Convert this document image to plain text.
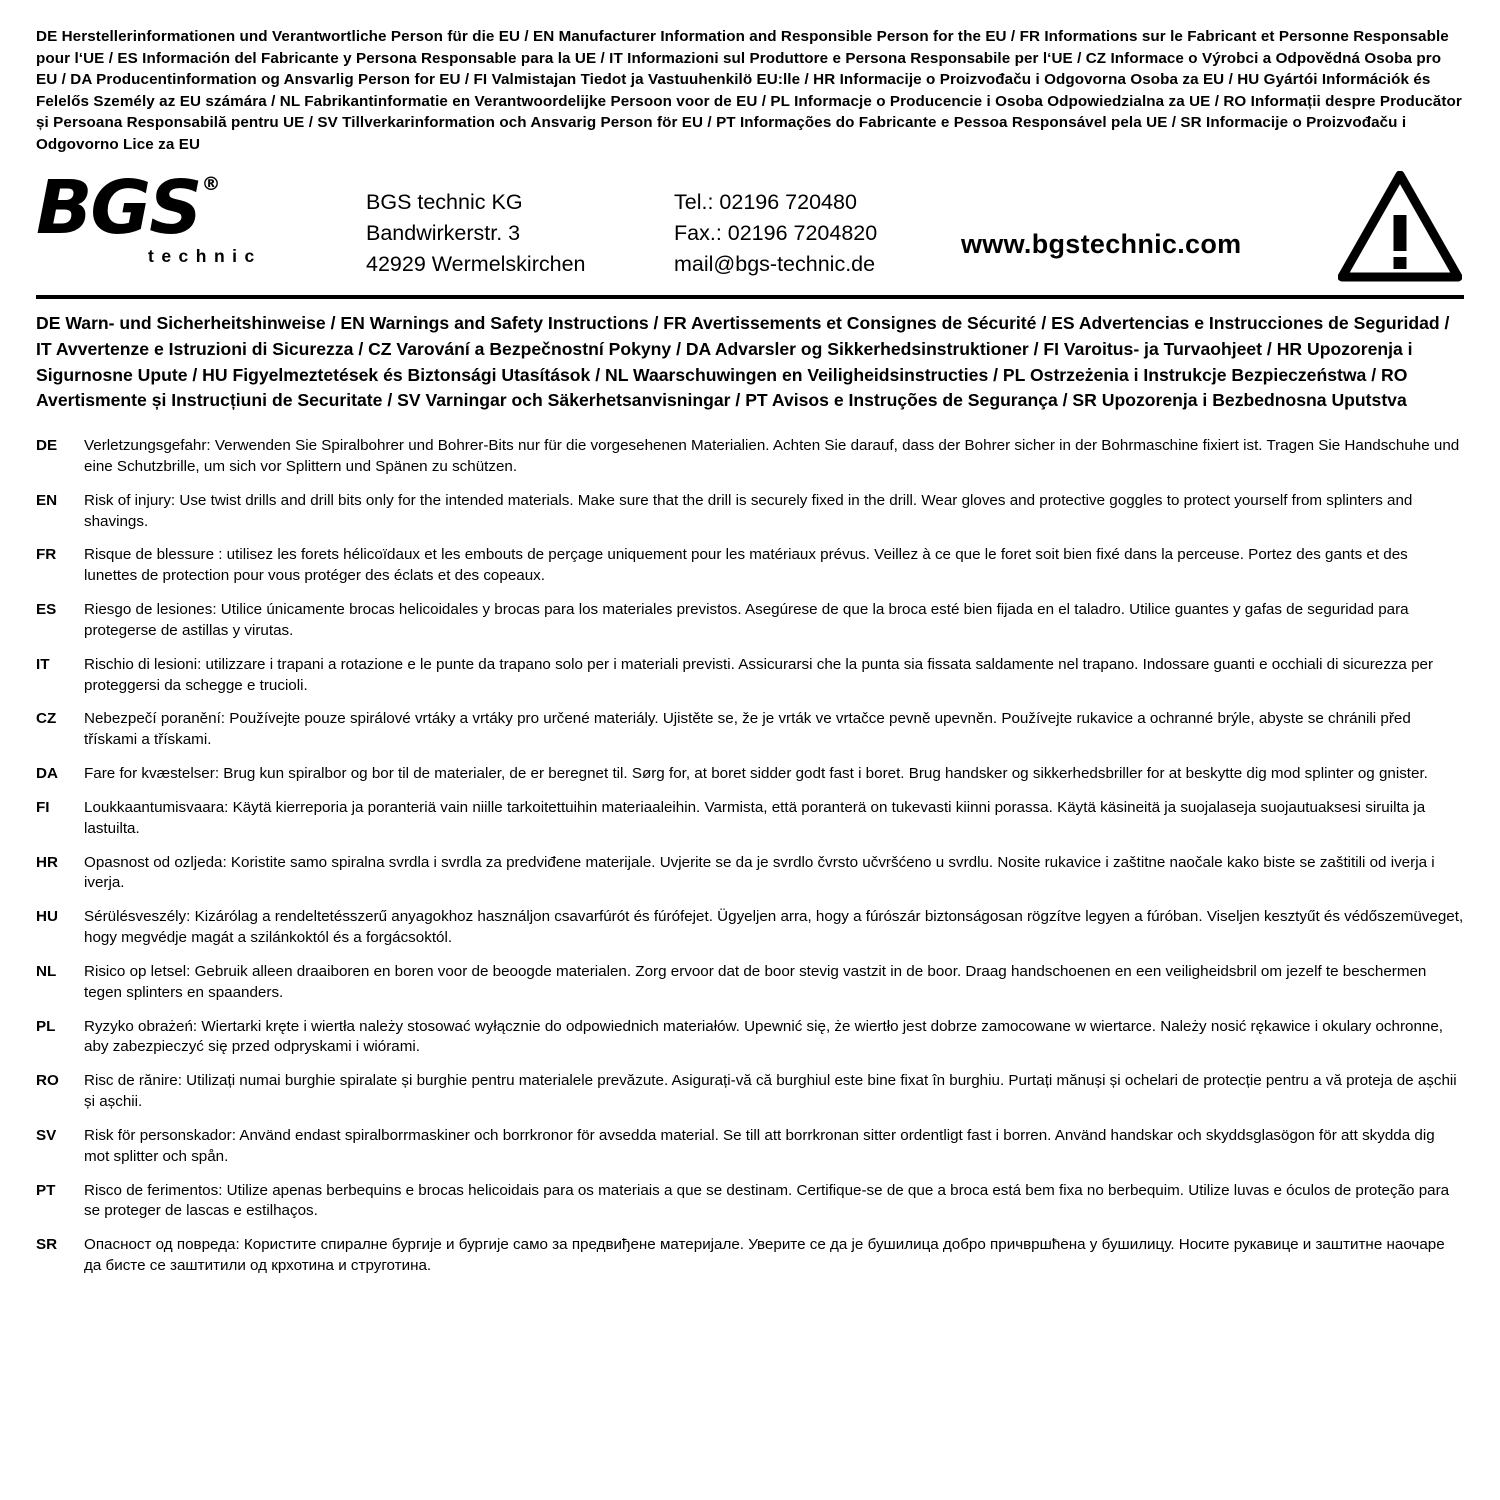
DE Herstellerinformationen und Verantwortliche Person für die EU / EN Manufacturer Information and Responsible Person for the EU / FR Informations sur le Fabricant et Personne Responsable pour l‘UE / ES Información del Fabricante y Persona Responsable para la UE / IT Informazioni sul Produttore e Persona Responsabile per l‘UE / CZ Informace o Výrobci a Odpovědná Osoba pro EU / DA Producentinformation og Ansvarlig Person for EU / FI Valmistajan Tiedot ja Vastuuhenkilö EU:lle / HR Informacije o Proizvođaču i Odgovorna Osoba za EU / HU Gyártói Információk és Felelős Személy az EU számára / NL Fabrikantinformatie en Verantwoordelijke Persoon voor de EU / PL Informacje o Producencie i Osoba Odpowiedzialna za UE / RO Informații despre Producător și Persoana Responsabilă pentru UE / SV Tillverkarinformation och Ansvarig Person för EU / PT Informações do Fabricante e Pessoa Responsável pela UE / SR Informacije o Proizvođaču i Odgovorno Lice za EU
BGS ®
technic
BGS technic KG
Bandwirkerstr. 3
42929 Wermelskirchen
Tel.: 02196 720480
Fax.: 02196 7204820
mail@bgs-technic.de
www.bgstechnic.com
DE Warn- und Sicherheitshinweise / EN Warnings and Safety Instructions / FR Avertissements et Consignes de Sécurité / ES Advertencias e Instrucciones de Seguridad / IT Avvertenze e Istruzioni di Sicurezza / CZ Varování a Bezpečnostní Pokyny / DA Advarsler og Sikkerhedsinstruktioner / FI Varoitus- ja Turvaohjeet / HR Upozorenja i Sigurnosne Upute / HU Figyelmeztetések és Biztonsági Utasítások / NL Waarschuwingen en Veiligheidsinstructies / PL Ostrzeżenia i Instrukcje Bezpieczeństwa / RO Avertismente și Instrucțiuni de Securitate / SV Varningar och Säkerhetsanvisningar / PT Avisos e Instruções de Segurança / SR Upozorenja i Bezbednosna Uputstva
DE	Verletzungsgefahr: Verwenden Sie Spiralbohrer und Bohrer-Bits nur für die vorgesehenen Materialien. Achten Sie darauf, dass der Bohrer sicher in der Bohrmaschine fixiert ist. Tragen Sie Handschuhe und eine Schutzbrille, um sich vor Splittern und Spänen zu schützen.
EN	Risk of injury: Use twist drills and drill bits only for the intended materials. Make sure that the drill is securely fixed in the drill. Wear gloves and protective goggles to protect yourself from splinters and shavings.
FR	Risque de blessure : utilisez les forets hélicoïdaux et les embouts de perçage uniquement pour les matériaux prévus. Veillez à ce que le foret soit bien fixé dans la perceuse. Portez des gants et des lunettes de protection pour vous protéger des éclats et des copeaux.
ES	Riesgo de lesiones: Utilice únicamente brocas helicoidales y brocas para los materiales previstos. Asegúrese de que la broca esté bien fijada en el taladro. Utilice guantes y gafas de seguridad para protegerse de astillas y virutas.
IT	Rischio di lesioni: utilizzare i trapani a rotazione e le punte da trapano solo per i materiali previsti. Assicurarsi che la punta sia fissata saldamente nel trapano. Indossare guanti e occhiali di sicurezza per proteggersi da schegge e trucioli.
CZ	Nebezpečí poranění: Používejte pouze spirálové vrtáky a vrtáky pro určené materiály. Ujistěte se, že je vrták ve vrtačce pevně upevněn. Používejte rukavice a ochranné brýle, abyste se chránili před třískami a třískami.
DA	Fare for kvæstelser: Brug kun spiralbor og bor til de materialer, de er beregnet til. Sørg for, at boret sidder godt fast i boret. Brug handsker og sikkerhedsbriller for at beskytte dig mod splinter og gnister.
FI	Loukkaantumisvaara: Käytä kierreporia ja poranteriä vain niille tarkoitettuihin materiaaleihin. Varmista, että poranterä on tukevasti kiinni porassa. Käytä käsineitä ja suojalaseja suojautuaksesi siruilta ja lastuilta.
HR	Opasnost od ozljeda: Koristite samo spiralna svrdla i svrdla za predviđene materijale. Uvjerite se da je svrdlo čvrsto učvršćeno u svrdlu. Nosite rukavice i zaštitne naočale kako biste se zaštitili od iverja i iverja.
HU	Sérülésveszély: Kizárólag a rendeltetésszerű anyagokhoz használjon csavarfúrót és fúrófejet. Ügyeljen arra, hogy a fúrószár biztonságosan rögzítve legyen a fúróban. Viseljen kesztyűt és védőszemüveget, hogy megvédje magát a szilánkoktól és a forgácsoktól.
NL	Risico op letsel: Gebruik alleen draaiboren en boren voor de beoogde materialen. Zorg ervoor dat de boor stevig vastzit in de boor. Draag handschoenen en een veiligheidsbril om jezelf te beschermen tegen splinters en spaanders.
PL	Ryzyko obrażeń: Wiertarki kręte i wiertła należy stosować wyłącznie do odpowiednich materiałów. Upewnić się, że wiertło jest dobrze zamocowane w wiertarce. Należy nosić rękawice i okulary ochronne, aby zabezpieczyć się przed odpryskami i wiórami.
RO	Risc de rănire: Utilizați numai burghie spiralate și burghie pentru materialele prevăzute. Asigurați-vă că burghiul este bine fixat în burghiu. Purtați mănuși și ochelari de protecție pentru a vă proteja de așchii și așchii.
SV	Risk för personskador: Använd endast spiralborrmaskiner och borrkronor för avsedda material. Se till att borrkronan sitter ordentligt fast i borren. Använd handskar och skyddsglasögon för att skydda dig mot splitter och spån.
PT	Risco de ferimentos: Utilize apenas berbequins e brocas helicoidais para os materiais a que se destinam. Certifique-se de que a broca está bem fixa no berbequim. Utilize luvas e óculos de proteção para se proteger de lascas e estilhaços.
SR	Опасност од повреда: Користите спиралне бургије и бургије само за предвиђене материјале. Уверите се да је бушилица добро причвршћена у бушилицу. Носите рукавице и заштитне наочаре да бисте се заштитили од крхотина и струготина.
